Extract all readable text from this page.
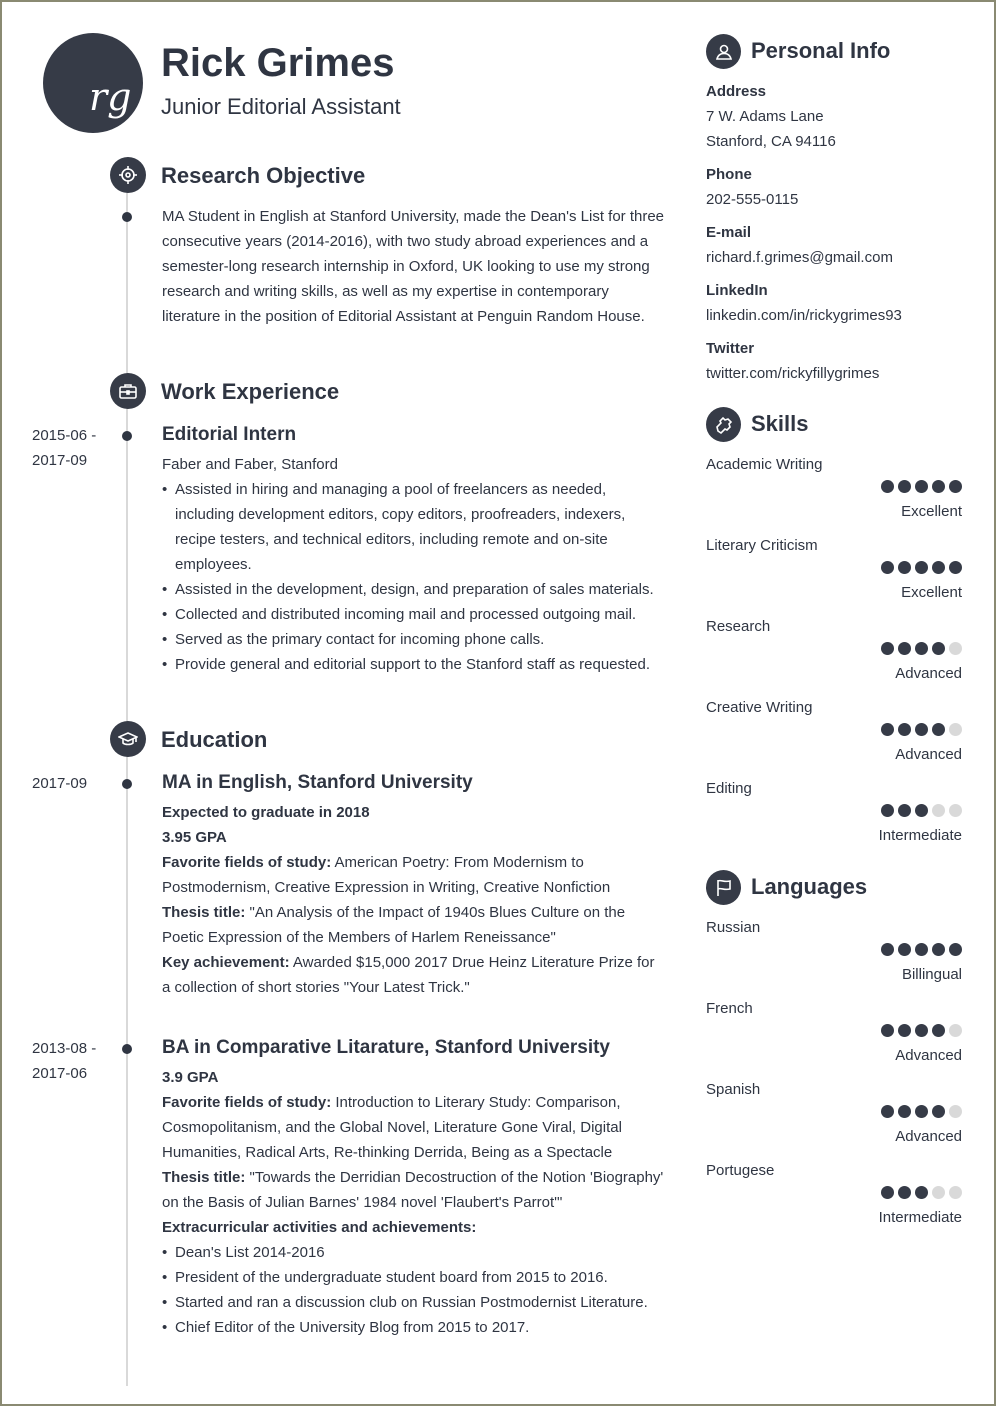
rg
Rick Grimes
Junior Editorial Assistant
Research Objective
MA Student in English at Stanford University, made the Dean's List for three consecutive years (2014-2016), with two study abroad experiences and a semester-long research internship in Oxford, UK looking to use my strong research and writing skills, as well as my expertise in contemporary literature in the position of Editorial Assistant at Penguin Random House.
Work Experience
2015-06 -
2017-09
Editorial Intern
Faber and Faber, Stanford
• Assisted in hiring and managing a pool of freelancers as needed, including development editors, copy editors, proofreaders, indexers, recipe testers, and technical editors, including remote and on-site employees.
• Assisted in the development, design, and preparation of sales materials.
• Collected and distributed incoming mail and processed outgoing mail.
• Served as the primary contact for incoming phone calls.
• Provide general and editorial support to the Stanford staff as requested.
Education
2017-09	MA in English, Stanford University
Expected to graduate in 2018
3.95 GPA
Favorite fields of study: American Poetry: From Modernism to Postmodernism, Creative Expression in Writing, Creative Nonfiction
Thesis title: "An Analysis of the Impact of 1940s Blues Culture on the Poetic Expression of the Members of Harlem Reneissance"
Key achievement: Awarded $15,000 2017 Drue Heinz Literature Prize for a collection of short stories "Your Latest Trick."
2013-08 -
2017-06
BA in Comparative Litarature, Stanford University
3.9 GPA
Favorite fields of study: Introduction to Literary Study: Comparison, Cosmopolitanism, and the Global Novel, Literature Gone Viral, Digital Humanities, Radical Arts, Re-thinking Derrida, Being as a Spectacle
Thesis title: "Towards the Derridian Decostruction of the Notion 'Biography' on the Basis of Julian Barnes' 1984 novel 'Flaubert's Parrot'"
Extracurricular activities and achievements:
• Dean's List 2014-2016
• President of the undergraduate student board from 2015 to 2016.
• Started and ran a discussion club on Russian Postmodernist Literature.
• Chief Editor of the University Blog from 2015 to 2017.
Personal Info
Address
7 W. Adams Lane
Stanford, CA 94116
Phone
202-555-0115
E-mail
richard.f.grimes@gmail.com
LinkedIn
linkedin.com/in/rickygrimes93
Twitter
twitter.com/rickyfillygrimes
Skills
Academic Writing
Excellent
Literary Criticism
Excellent
Research
Advanced
Creative Writing
Advanced
Editing
Intermediate
Languages
Russian
Billingual
French
Advanced
Spanish
Advanced
Portugese
Intermediate
